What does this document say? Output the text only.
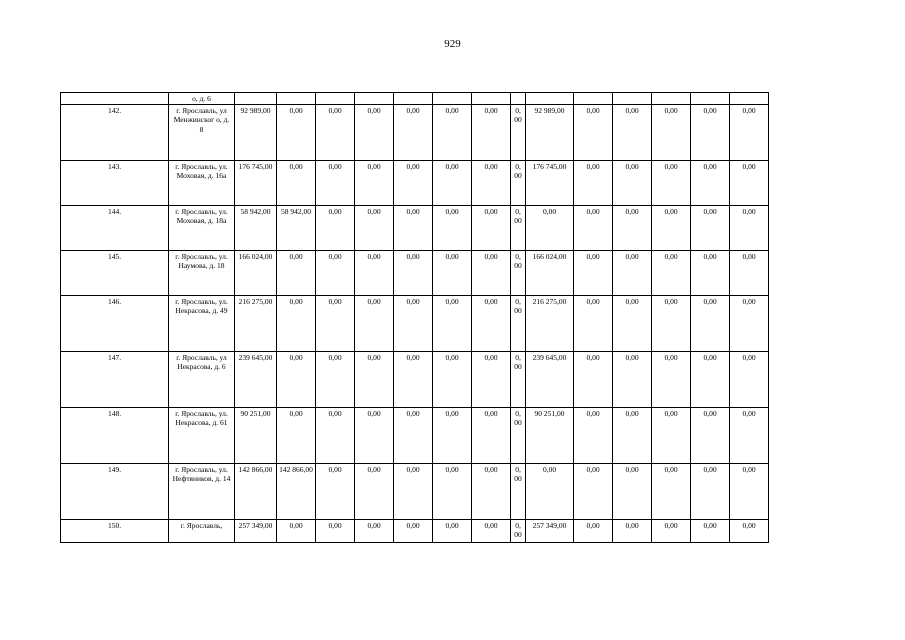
929
	о, д. 6														
142.	г. Ярославль, ул Менжинског о, д. 8	92 989,00	0,00	0,00	0,00	0,00	0,00	0,00	0, 00	92 989,00	0,00	0,00	0,00	0,00	0,00
143.	г. Ярославль, ул. Моховая, д. 16а	176 745,00	0,00	0,00	0,00	0,00	0,00	0,00	0, 00	176 745,00	0,00	0,00	0,00	0,00	0,00
144.	г. Ярославль, ул. Моховая, д. 18а	58 942,00	58 942,00	0,00	0,00	0,00	0,00	0,00	0, 00	0,00	0,00	0,00	0,00	0,00	0,00
145.	г. Ярославль, ул. Наумова, д. 18	166 024,00	0,00	0,00	0,00	0,00	0,00	0,00	0, 00	166 024,00	0,00	0,00	0,00	0,00	0,00
146.	г. Ярославль, ул. Некрасова, д. 49	216 275,00	0,00	0,00	0,00	0,00	0,00	0,00	0, 00	216 275,00	0,00	0,00	0,00	0,00	0,00
147.	г. Ярославль, ул Некрасова, д. 6	239 645,00	0,00	0,00	0,00	0,00	0,00	0,00	0, 00	239 645,00	0,00	0,00	0,00	0,00	0,00
148.	г. Ярославль, ул. Некрасова, д. 61	90 251,00	0,00	0,00	0,00	0,00	0,00	0,00	0, 00	90 251,00	0,00	0,00	0,00	0,00	0,00
149.	г. Ярославль, ул. Нефтяников, д. 14	142 866,00	142 866,00	0,00	0,00	0,00	0,00	0,00	0, 00	0,00	0,00	0,00	0,00	0,00	0,00
150.	г. Ярославль,	257 349,00	0,00	0,00	0,00	0,00	0,00	0,00	0, 00	257 349,00	0,00	0,00	0,00	0,00	0,00
